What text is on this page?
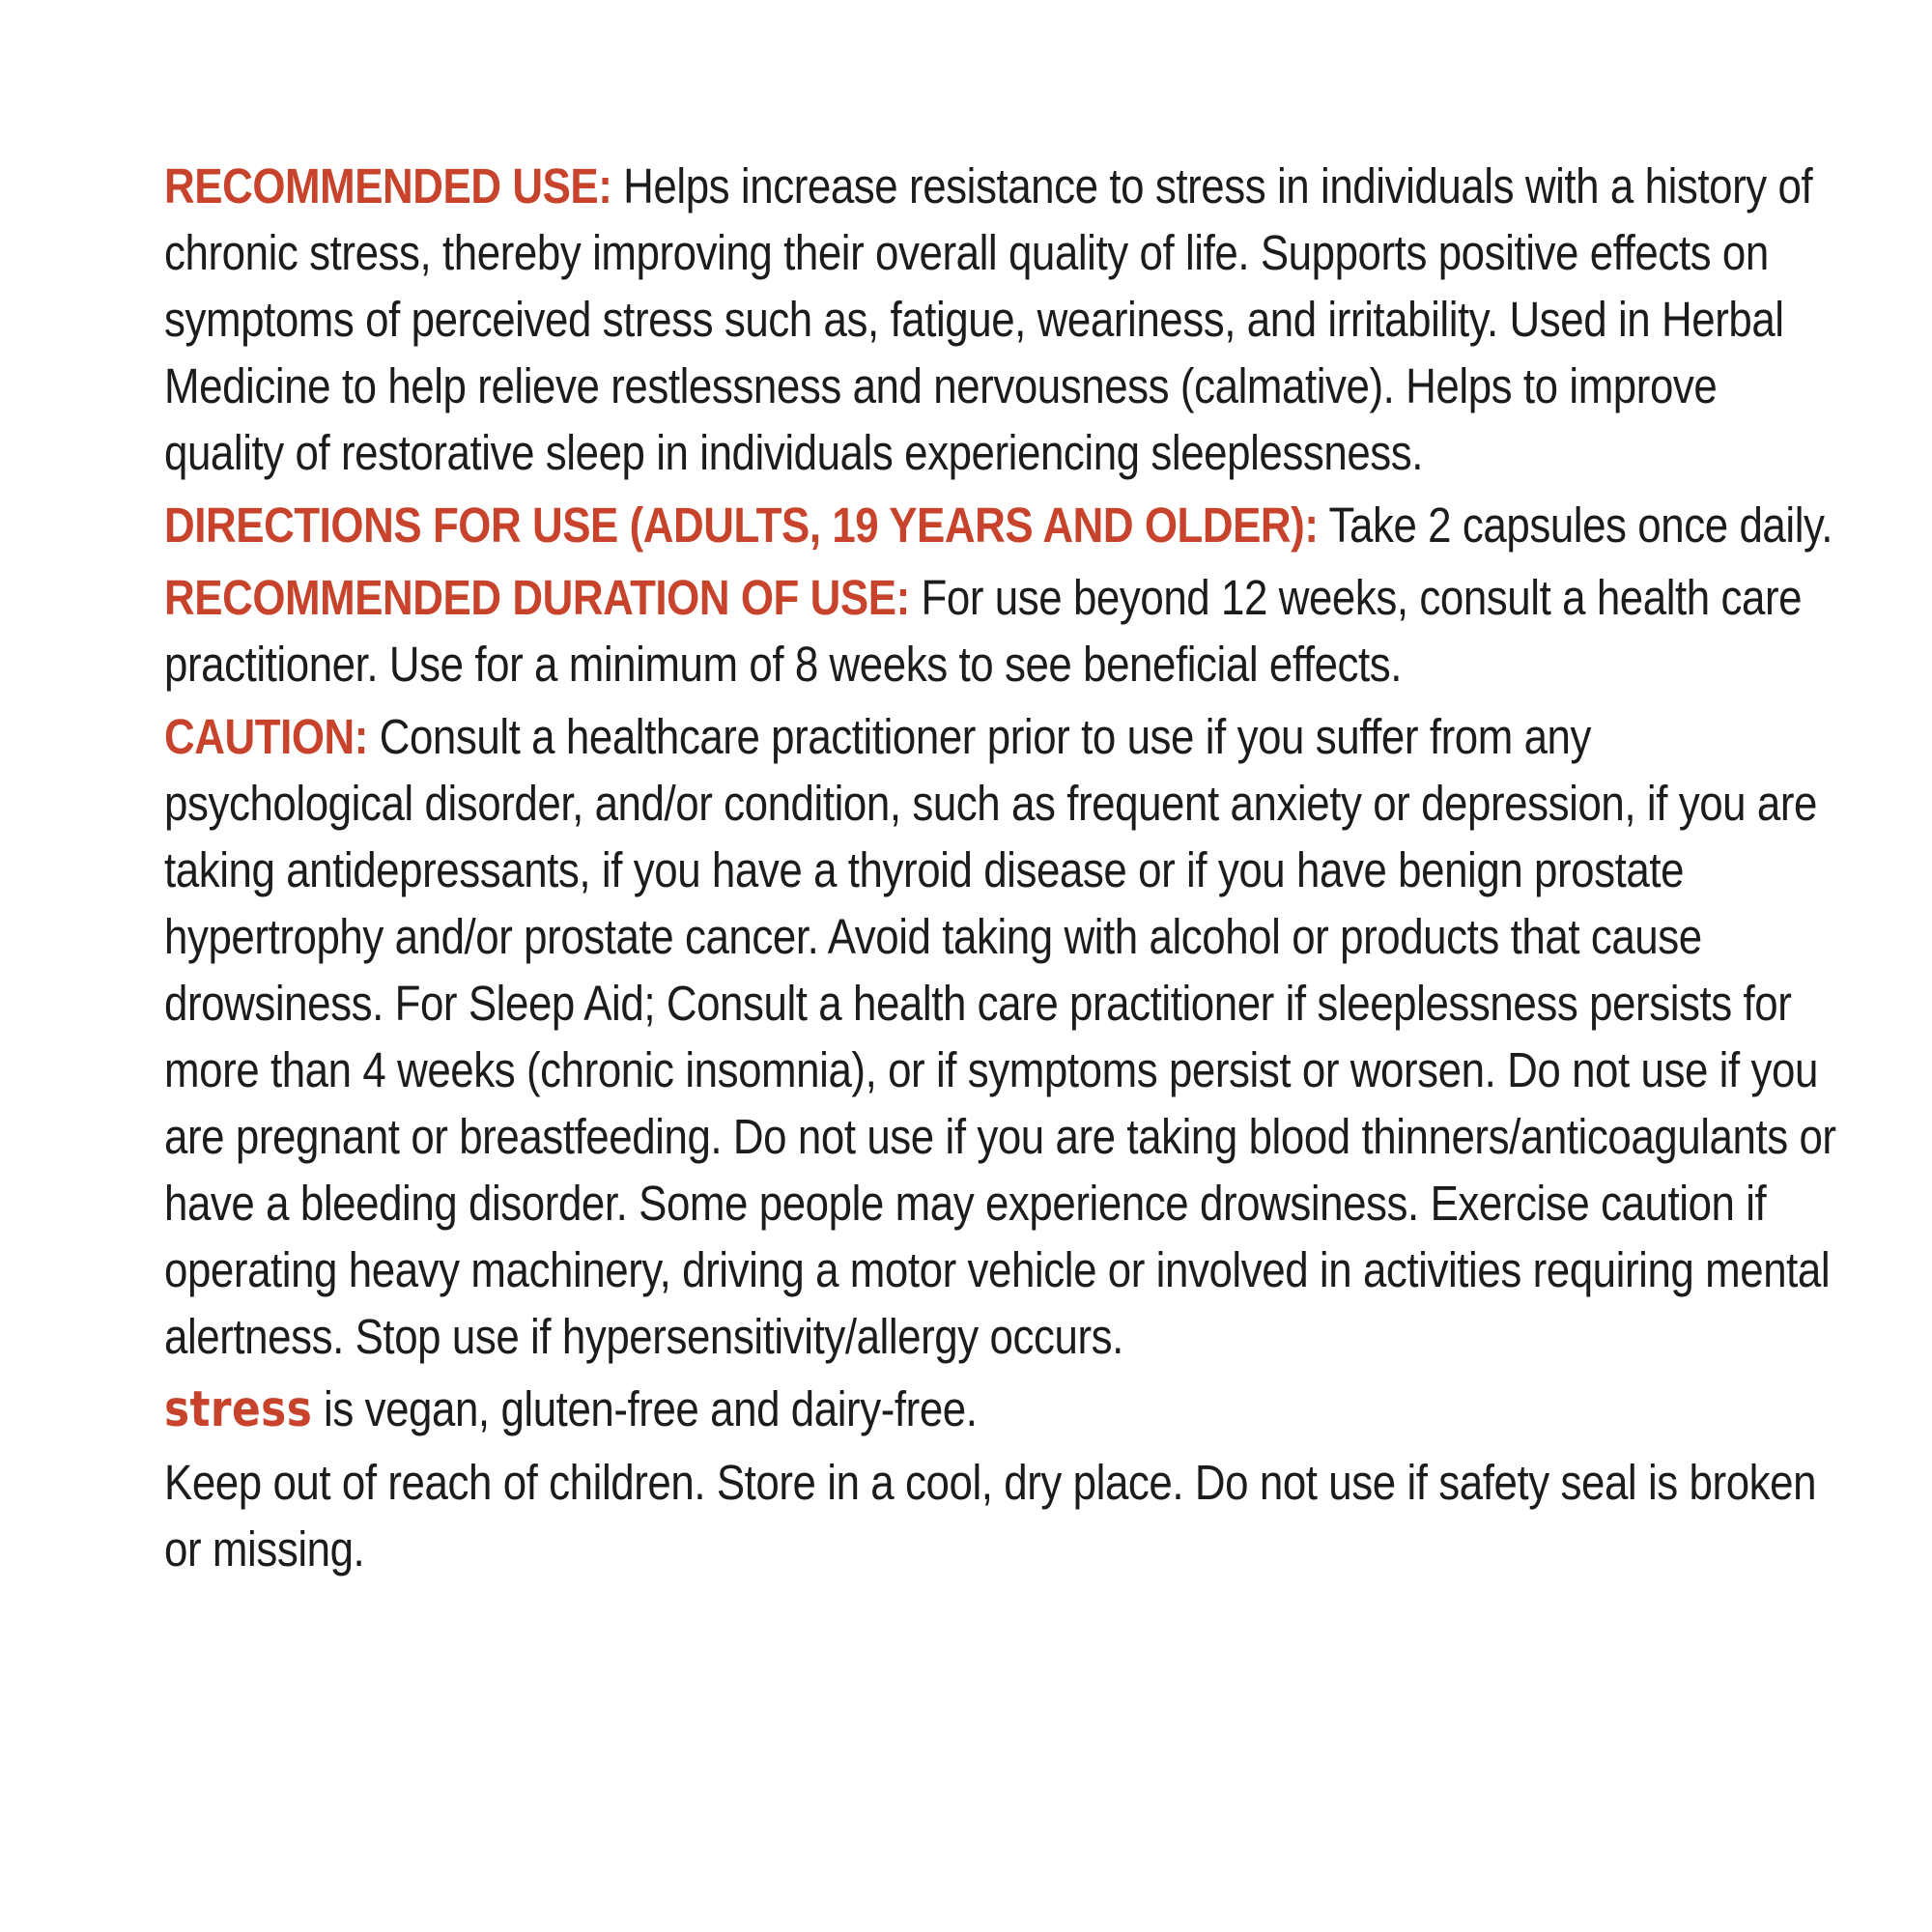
RECOMMENDED USE: Helps increase resistance to stress in individuals with a history of chronic stress, thereby improving their overall quality of life. Supports positive effects on symptoms of perceived stress such as, fatigue, weariness, and irritability. Used in Herbal Medicine to help relieve restlessness and nervousness (calmative). Helps to improve quality of restorative sleep in individuals experiencing sleeplessness.

DIRECTIONS FOR USE (ADULTS, 19 YEARS AND OLDER): Take 2 capsules once daily.

RECOMMENDED DURATION OF USE: For use beyond 12 weeks, consult a health care practitioner. Use for a minimum of 8 weeks to see beneficial effects.

CAUTION: Consult a healthcare practitioner prior to use if you suffer from any psychological disorder, and/or condition, such as frequent anxiety or depression, if you are taking antidepressants, if you have a thyroid disease or if you have benign prostate hypertrophy and/or prostate cancer. Avoid taking with alcohol or products that cause drowsiness. For Sleep Aid; Consult a health care practitioner if sleeplessness persists for more than 4 weeks (chronic insomnia), or if symptoms persist or worsen. Do not use if you are pregnant or breastfeeding. Do not use if you are taking blood thinners/anticoagulants or have a bleeding disorder. Some people may experience drowsiness. Exercise caution if operating heavy machinery, driving a motor vehicle or involved in activities requiring mental alertness. Stop use if hypersensitivity/allergy occurs.

stress is vegan, gluten-free and dairy-free.

Keep out of reach of children. Store in a cool, dry place. Do not use if safety seal is broken or missing.
